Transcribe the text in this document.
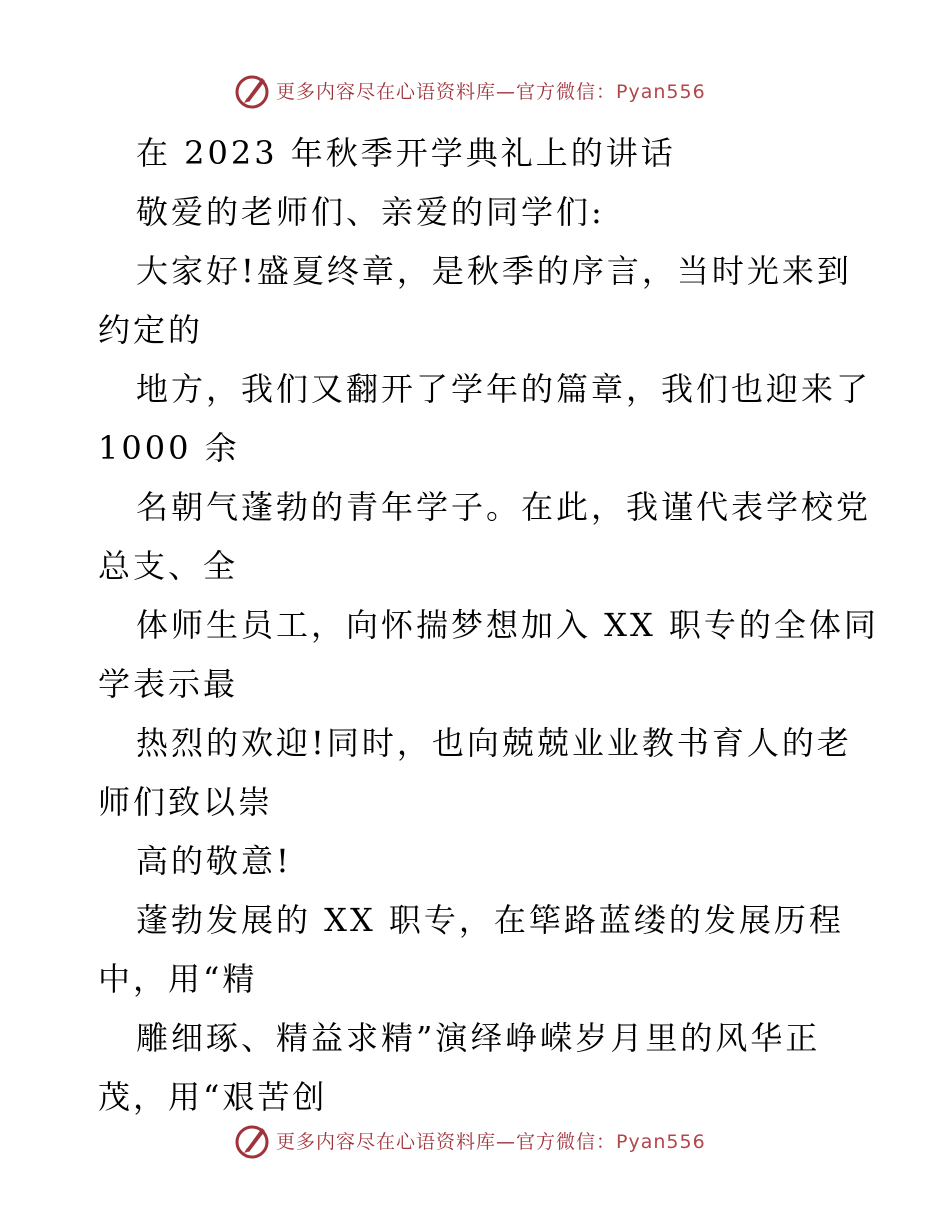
更多内容尽在心语资料库—官方微信：Pyan556
在 2023 年秋季开学典礼上的讲话
敬爱的老师们、亲爱的同学们:
大家好!盛夏终章，是秋季的序言，当时光来到
约定的
地方，我们又翻开了学年的篇章，我们也迎来了
1000 余
名朝气蓬勃的青年学子。在此，我谨代表学校党
总支、全
体师生员工，向怀揣梦想加入 XX 职专的全体同
学表示最
热烈的欢迎!同时，也向兢兢业业教书育人的老
师们致以崇
高的敬意!
蓬勃发展的 XX 职专，在筚路蓝缕的发展历程
中，用“精
雕细琢、精益求精”演绎峥嵘岁月里的风华正
茂，用“艰苦创
更多内容尽在心语资料库—官方微信：Pyan556
